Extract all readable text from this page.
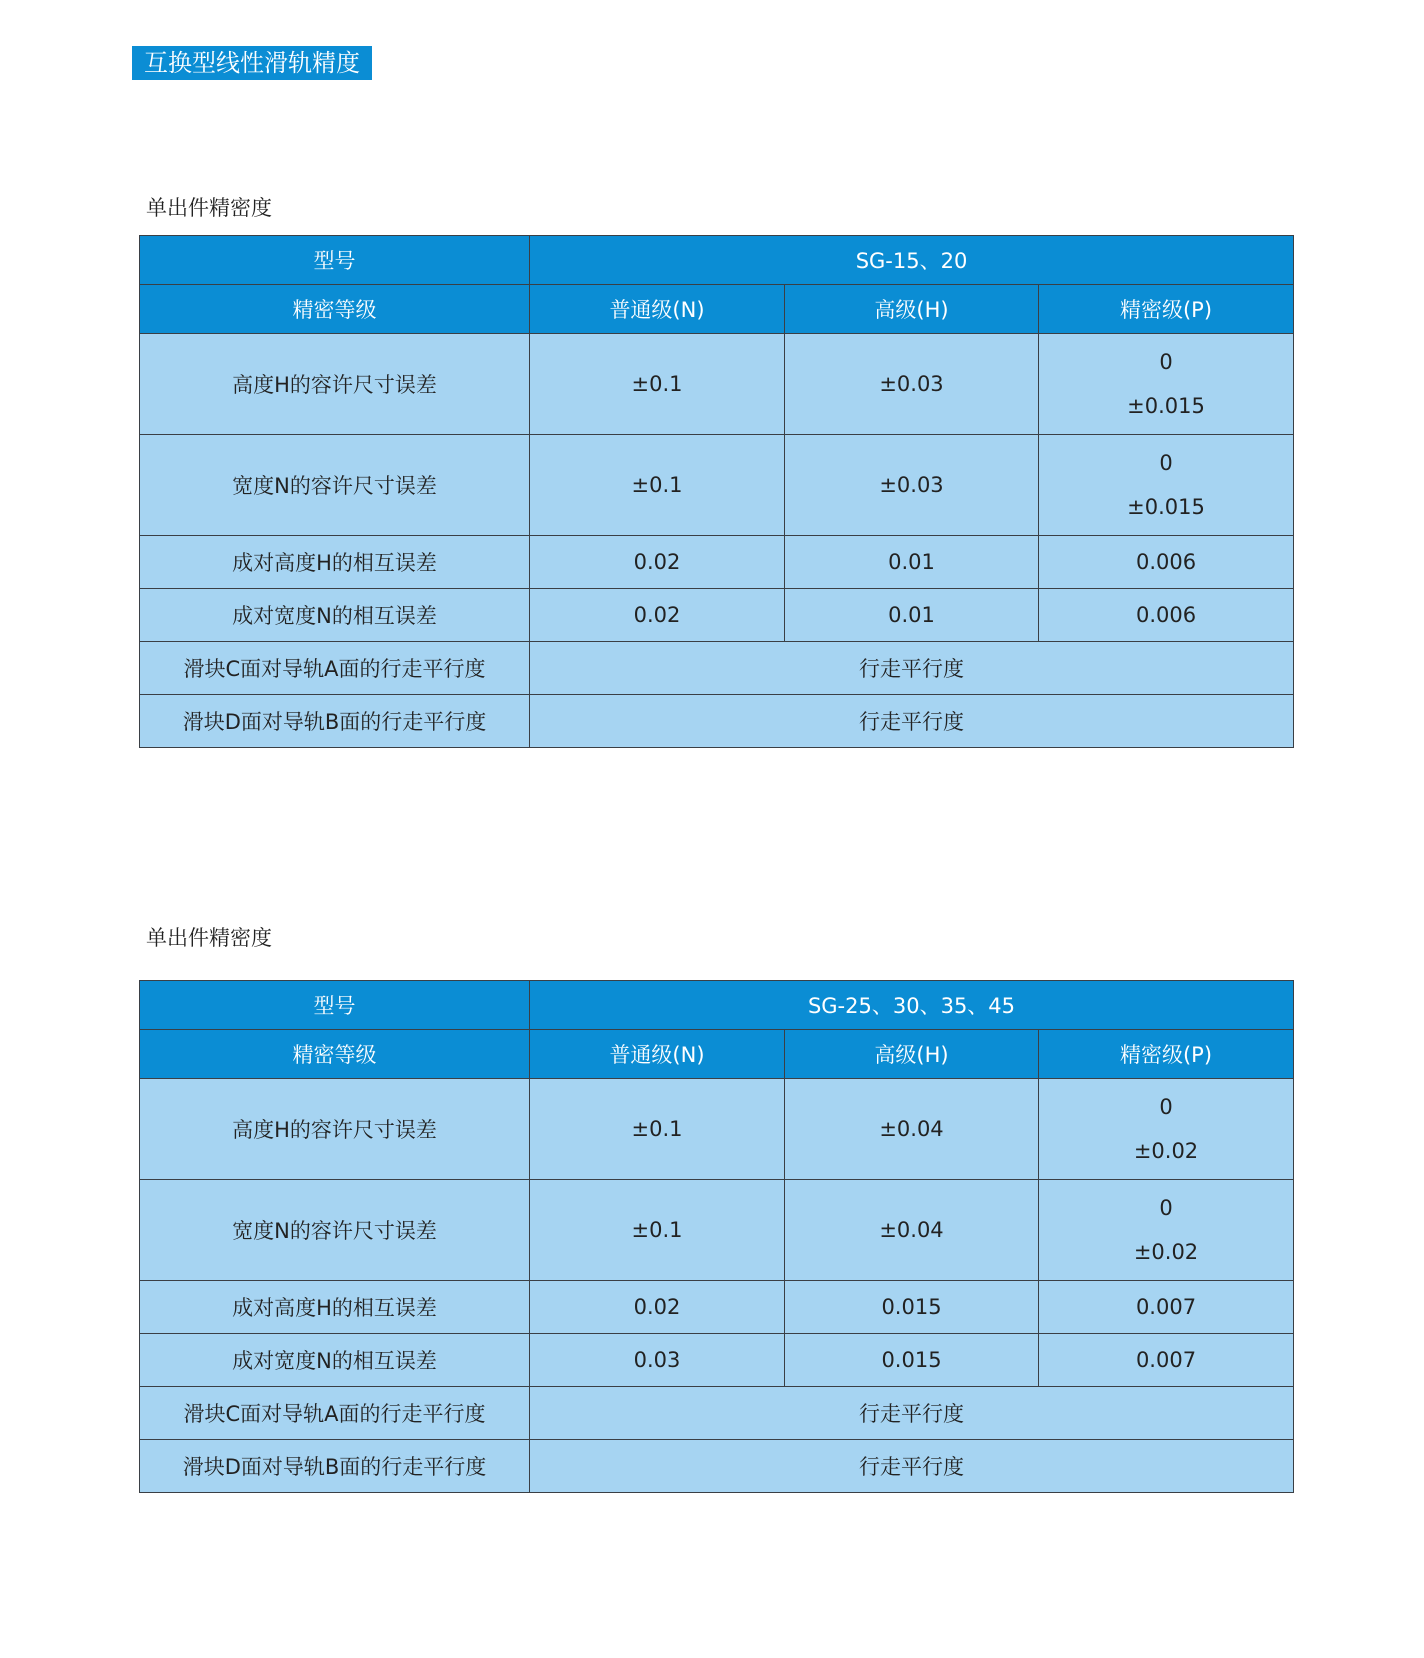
互换型线性滑轨精度
单出件精密度
型号	SG-15、20		
精密等级	普通级(N)	高级(H)	精密级(P)
高度H的容许尺寸误差	±0.1	±0.03	0
±0.015

宽度N的容许尺寸误差	±0.1	±0.03	0
±0.015

成对高度H的相互误差	0.02	0.01	0.006
成对宽度N的相互误差	0.02	0.01	0.006
滑块C面对导轨A面的行走平行度	行走平行度		
滑块D面对导轨B面的行走平行度	行走平行度		
单出件精密度
型号	SG-25、30、35、45		
精密等级	普通级(N)	高级(H)	精密级(P)
高度H的容许尺寸误差	±0.1	±0.04	0
±0.02

宽度N的容许尺寸误差	±0.1	±0.04	0
±0.02

成对高度H的相互误差	0.02	0.015	0.007
成对宽度N的相互误差	0.03	0.015	0.007
滑块C面对导轨A面的行走平行度	行走平行度		
滑块D面对导轨B面的行走平行度	行走平行度		
